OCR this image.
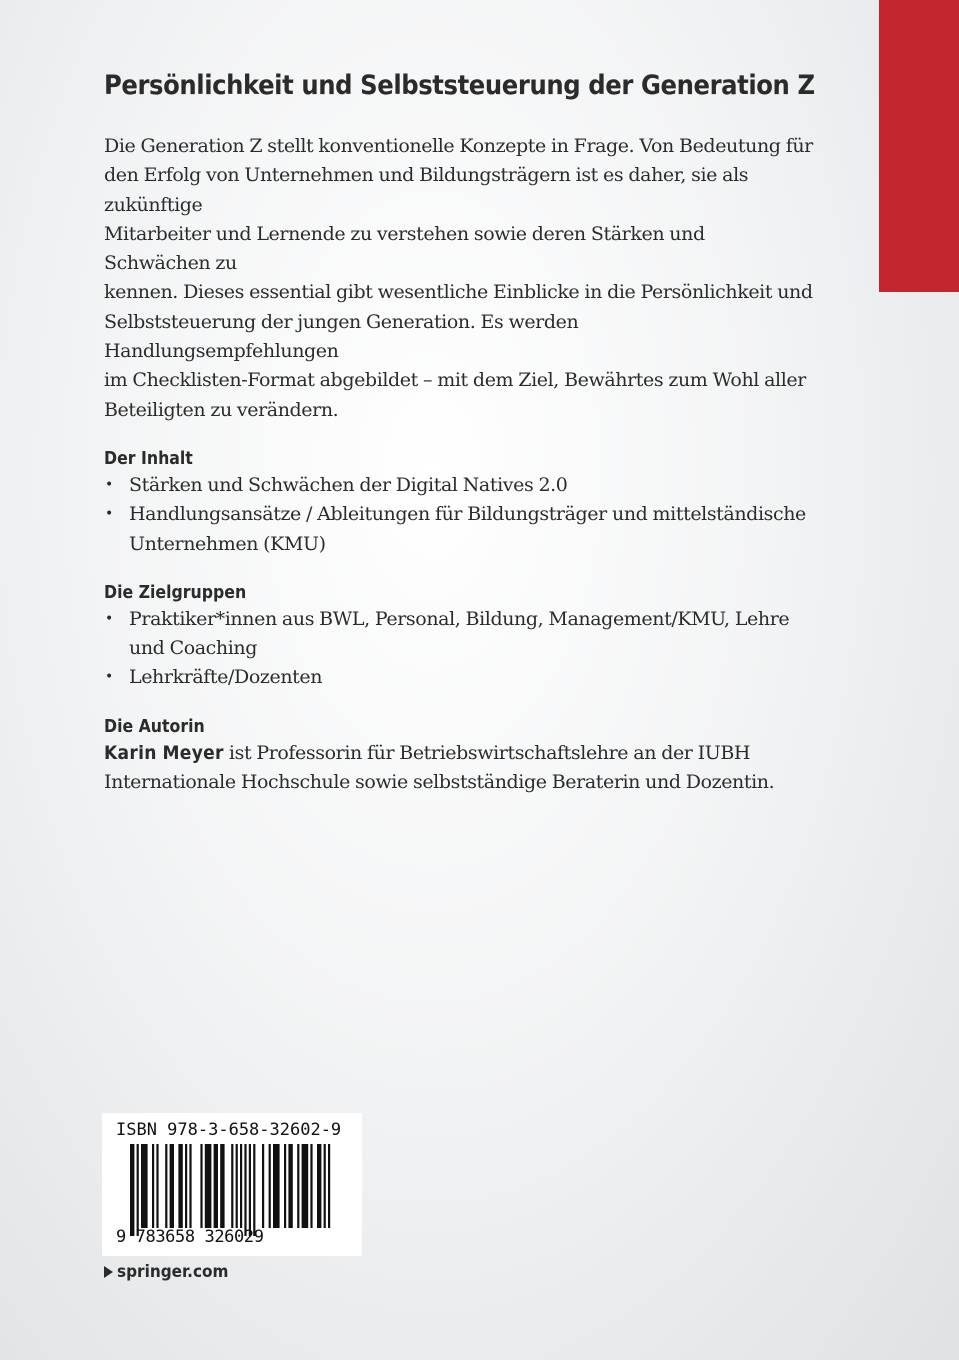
Persönlichkeit und Selbststeuerung der Generation Z

Die Generation Z stellt konventionelle Konzepte in Frage. Von Bedeutung für
den Erfolg von Unternehmen und Bildungsträgern ist es daher, sie als zukünftige
Mitarbeiter und Lernende zu verstehen sowie deren Stärken und Schwächen zu
kennen. Dieses essential gibt wesentliche Einblicke in die Persönlichkeit und
Selbststeuerung der jungen Generation. Es werden Handlungsempfehlungen
im Checklisten-Format abgebildet – mit dem Ziel, Bewährtes zum Wohl aller
Beteiligten zu verändern.

Der Inhalt
• Stärken und Schwächen der Digital Natives 2.0
• Handlungsansätze / Ableitungen für Bildungsträger und mittelständische
Unternehmen (KMU)
Die Zielgruppen
• Praktiker*innen aus BWL, Personal, Bildung, Management/KMU, Lehre
und Coaching
• Lehrkräfte/Dozenten
Die Autorin

Karin Meyer ist Professorin für Betriebswirtschaftslehre an der IUBH
Internationale Hochschule sowie selbstständige Beraterin und Dozentin.

ISBN 978-3-658-32602-9
9 783658 326029
springer.com
